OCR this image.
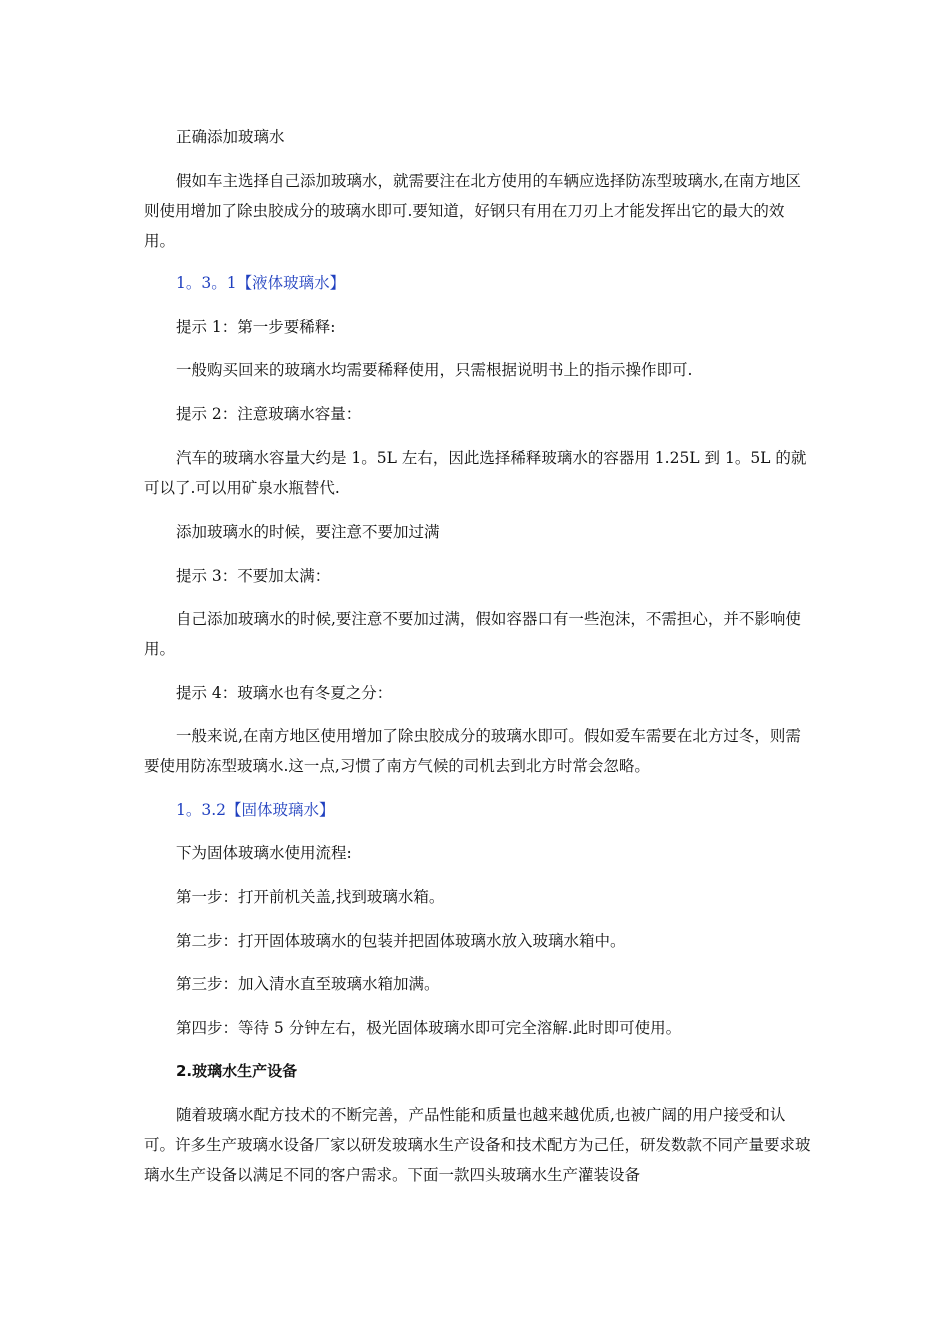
正确添加玻璃水

假如车主选择自己添加玻璃水，就需要注在北方使用的车辆应选择防冻型玻璃水,在南方地区则使用增加了除虫胶成分的玻璃水即可.要知道，好钢只有用在刀刃上才能发挥出它的最大的效用。

1。3。1【液体玻璃水】

提示 1：第一步要稀释:

一般购买回来的玻璃水均需要稀释使用，只需根据说明书上的指示操作即可.

提示 2：注意玻璃水容量：

汽车的玻璃水容量大约是 1。5L 左右，因此选择稀释玻璃水的容器用 1.25L 到 1。5L 的就可以了.可以用矿泉水瓶替代.

添加玻璃水的时候，要注意不要加过满

提示 3：不要加太满：

自己添加玻璃水的时候,要注意不要加过满，假如容器口有一些泡沫，不需担心，并不影响使用。

提示 4：玻璃水也有冬夏之分：

一般来说,在南方地区使用增加了除虫胶成分的玻璃水即可。假如爱车需要在北方过冬，则需要使用防冻型玻璃水.这一点,习惯了南方气候的司机去到北方时常会忽略。

1。3.2【固体玻璃水】

下为固体玻璃水使用流程:

第一步：打开前机关盖,找到玻璃水箱。

第二步：打开固体玻璃水的包装并把固体玻璃水放入玻璃水箱中。

第三步：加入清水直至玻璃水箱加满。

第四步：等待 5 分钟左右，极光固体玻璃水即可完全溶解.此时即可使用。

2.玻璃水生产设备

随着玻璃水配方技术的不断完善，产品性能和质量也越来越优质,也被广阔的用户接受和认可。许多生产玻璃水设备厂家以研发玻璃水生产设备和技术配方为己任，研发数款不同产量要求玻璃水生产设备以满足不同的客户需求。下面一款四头玻璃水生产灌装设备
